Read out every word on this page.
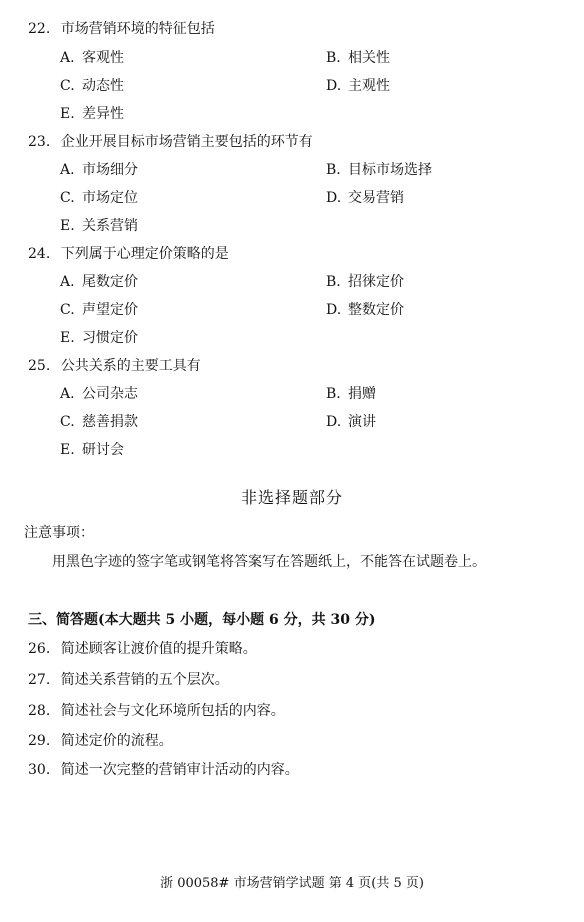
22. 市场营销环境的特征包括
A. 客观性	B. 相关性
C. 动态性	D. 主观性
E. 差异性
23. 企业开展目标市场营销主要包括的环节有
A. 市场细分	B. 目标市场选择
C. 市场定位	D. 交易营销
E. 关系营销
24. 下列属于心理定价策略的是
A. 尾数定价	B. 招徕定价
C. 声望定价	D. 整数定价
E. 习惯定价
25. 公共关系的主要工具有
A. 公司杂志	B. 捐赠
C. 慈善捐款	D. 演讲
E. 研讨会
非选择题部分
注意事项：
用黑色字迹的签字笔或钢笔将答案写在答题纸上，不能答在试题卷上。
三、简答题(本大题共 5 小题，每小题 6 分，共 30 分)
26. 简述顾客让渡价值的提升策略。
27. 简述关系营销的五个层次。
28. 简述社会与文化环境所包括的内容。
29. 简述定价的流程。
30. 简述一次完整的营销审计活动的内容。
浙 00058# 市场营销学试题 第 4 页(共 5 页)
